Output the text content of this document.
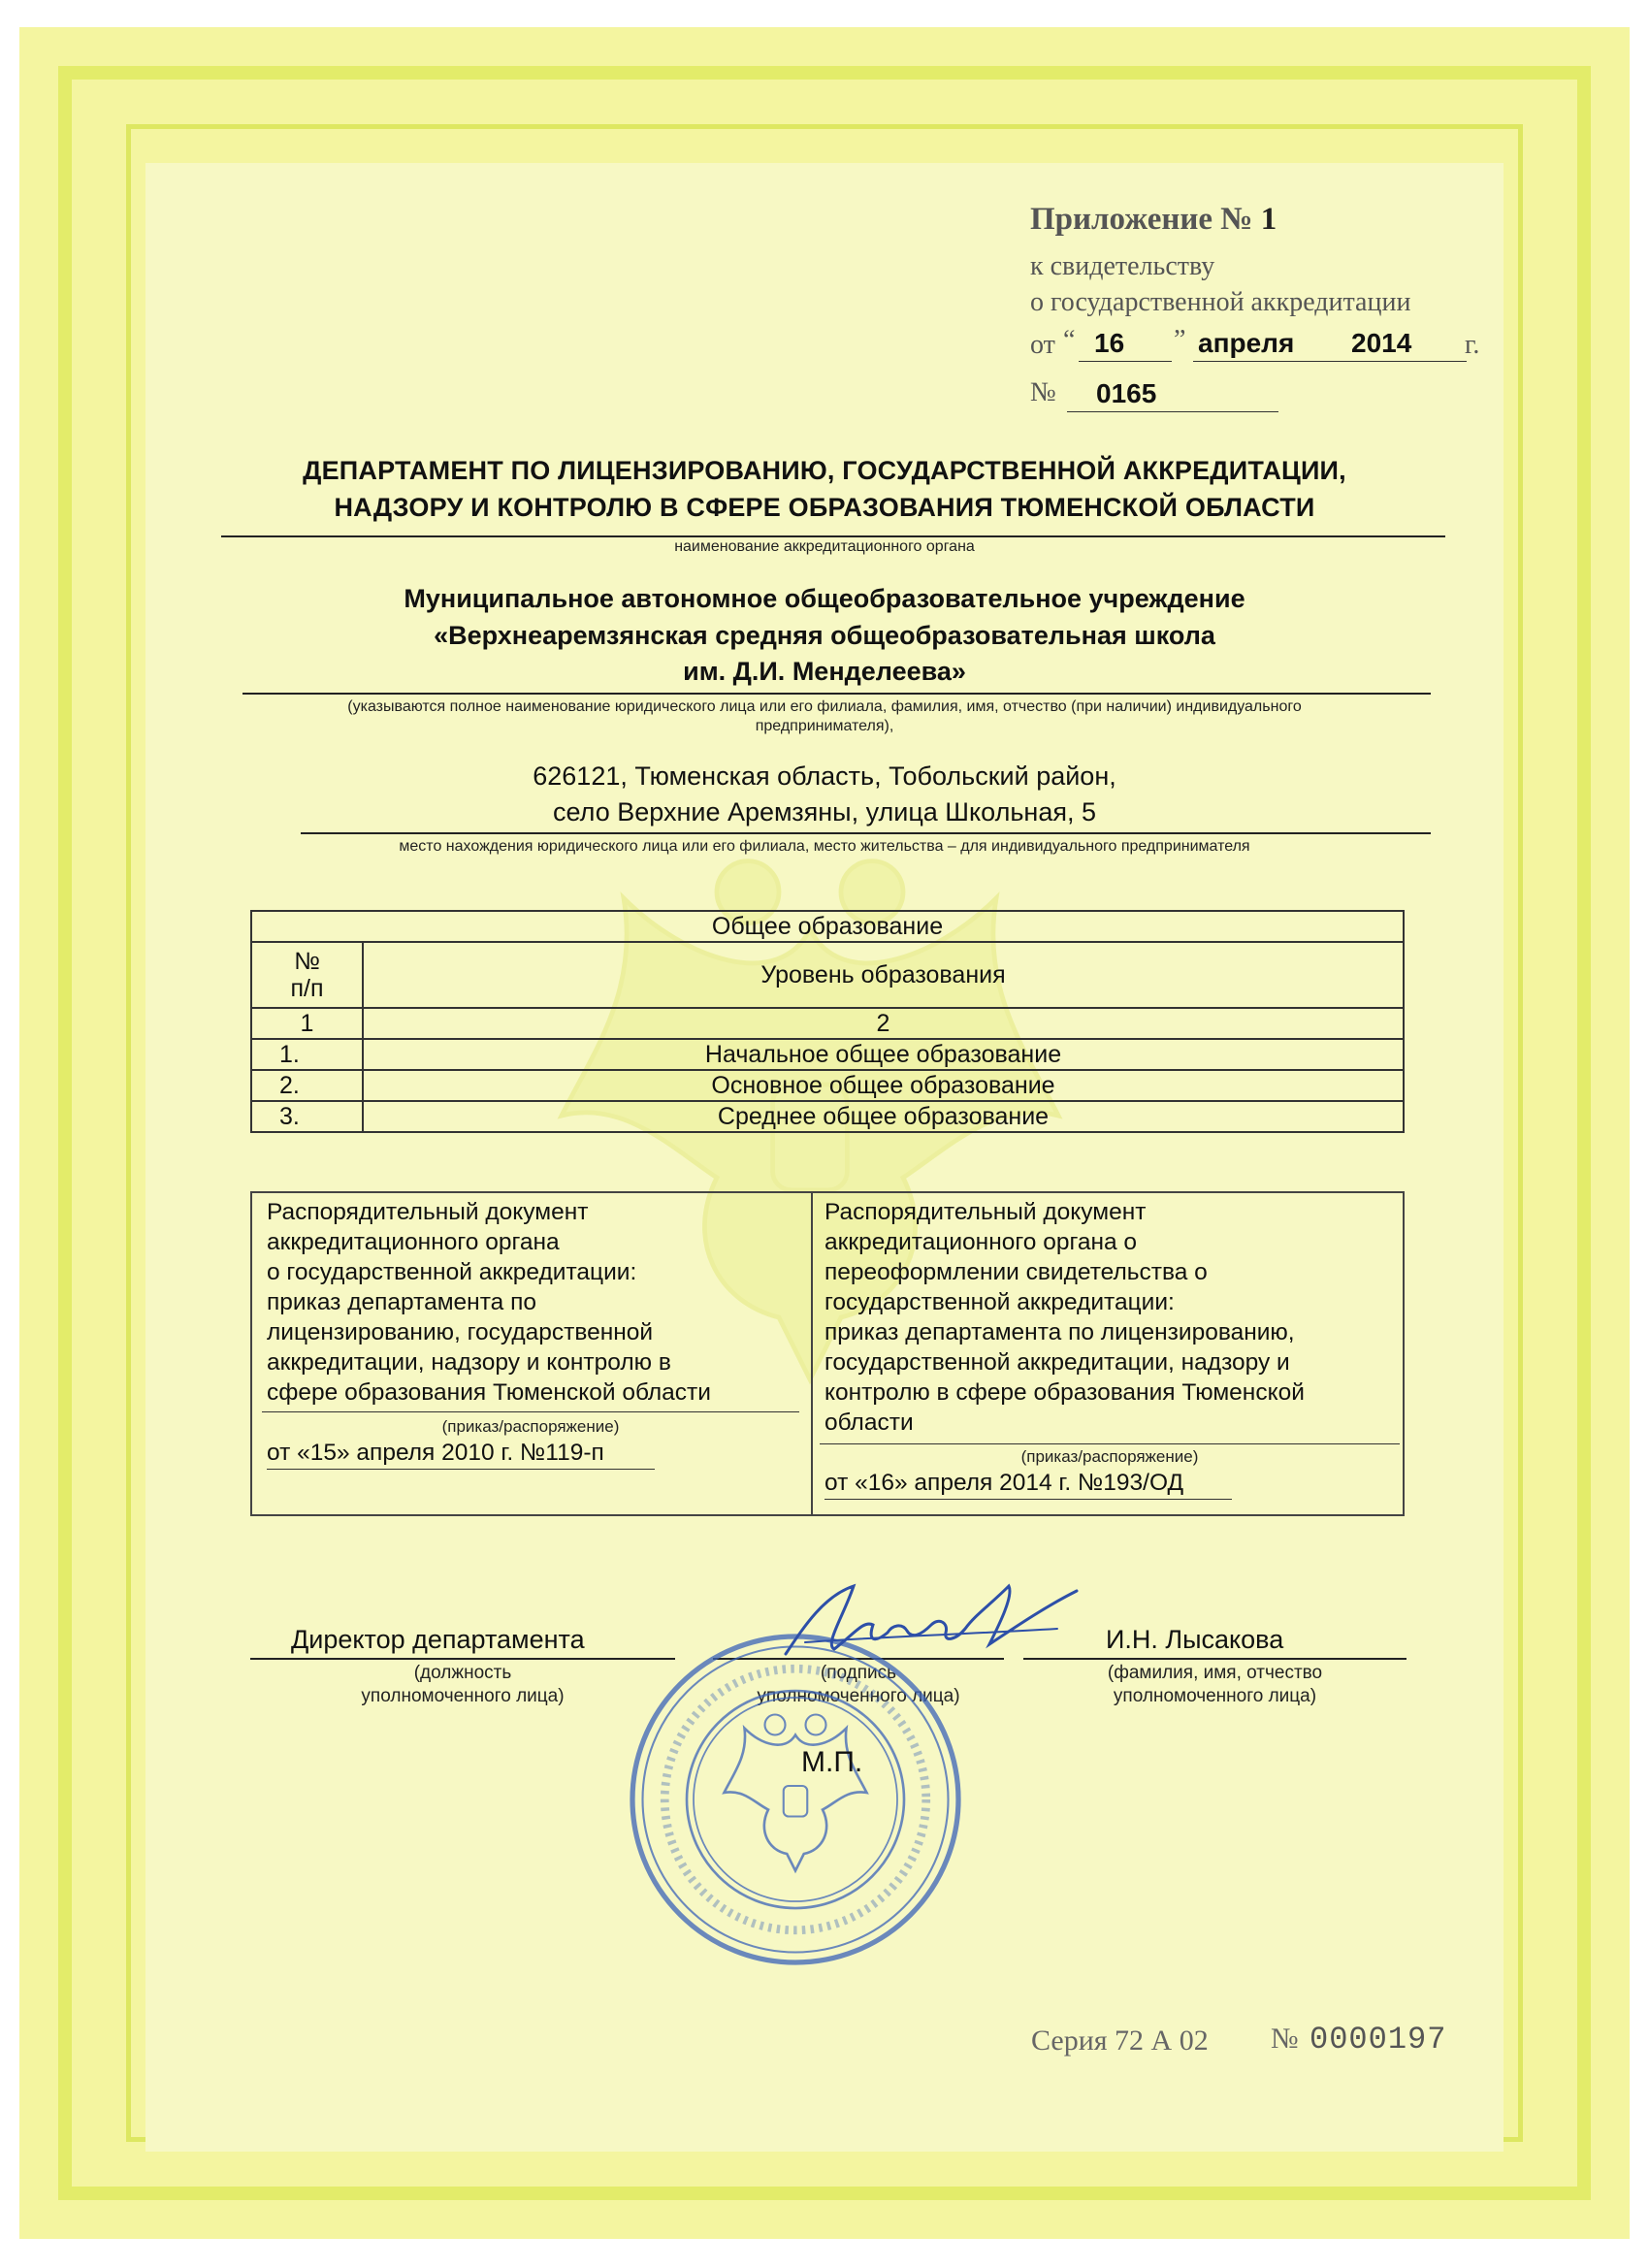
Приложение № 1
к свидетельству
о государственной аккредитации
от “ 16 ” апреля 2014 г.
№ 0165
ДЕПАРТАМЕНТ ПО ЛИЦЕНЗИРОВАНИЮ, ГОСУДАРСТВЕННОЙ АККРЕДИТАЦИИ,
НАДЗОРУ И КОНТРОЛЮ В СФЕРЕ ОБРАЗОВАНИЯ ТЮМЕНСКОЙ ОБЛАСТИ
наименование аккредитационного органа
Муниципальное автономное общеобразовательное учреждение
«Верхнеаремзянская средняя общеобразовательная школа
им. Д.И. Менделеева»
(указываются полное наименование юридического лица или его филиала, фамилия, имя, отчество (при наличии) индивидуального
предпринимателя),
626121, Тюменская область, Тобольский район,
село Верхние Аремзяны, улица Школьная, 5
место нахождения юридического лица или его филиала, место жительства – для индивидуального предпринимателя
Общее образование	
№
п/п	Уровень образования
1	2
1.	Начальное общее образование
2.	Основное общее образование
3.	Среднее общее образование
Распорядительный документ
аккредитационного органа
о государственной аккредитации:
приказ департамента по
лицензированию, государственной
аккредитации, надзору и контролю в
сфере образования Тюменской области
(приказ/распоряжение)
от «15» апреля 2010 г. №119-п
Распорядительный документ
аккредитационного органа о
переоформлении свидетельства о
государственной аккредитации:
приказ департамента по лицензированию,
государственной аккредитации, надзору и
контролю в сфере образования Тюменской
области
(приказ/распоряжение)
от «16» апреля 2014 г. №193/ОД
Директор департамента
(должность
уполномоченного лица)
(подпись
уполномоченного лица)
И.Н. Лысакова
(фамилия, имя, отчество
уполномоченного лица)
М.П.
Серия 72 А 02 № 0000197
